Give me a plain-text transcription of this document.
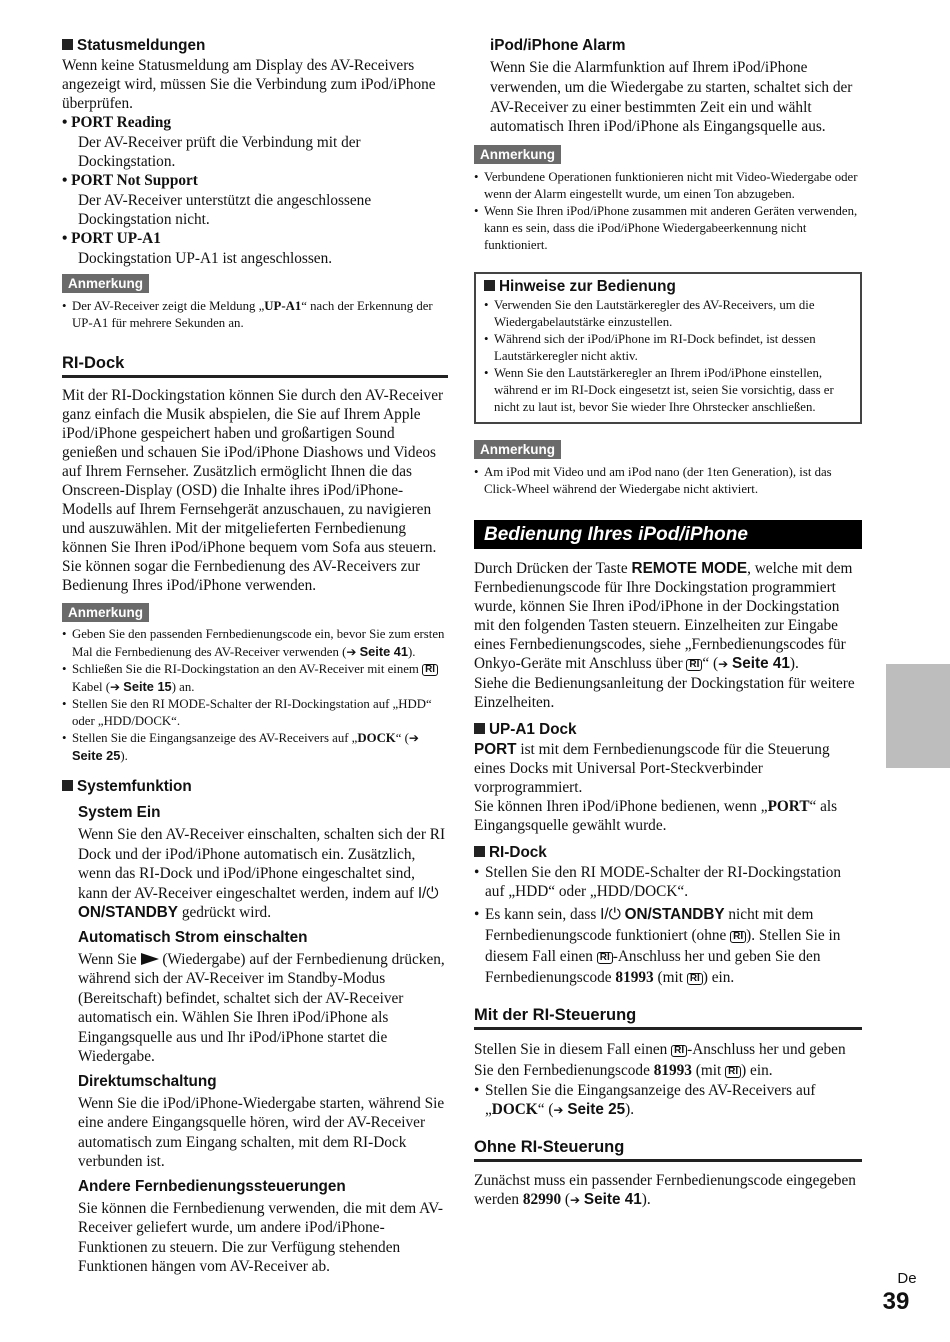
Statusmeldungen

Wenn keine Statusmeldung am Display des AV-Receivers angezeigt wird, müssen Sie die Verbindung zum iPod/iPhone überprüfen.

• PORT Reading

Der AV-Receiver prüft die Verbindung mit der Dockingstation.

• PORT Not Support

Der AV-Receiver unterstützt die angeschlossene Dockingstation nicht.

• PORT UP-A1

Dockingstation UP-A1 ist angeschlossen.

Anmerkung
• Der AV-Receiver zeigt die Meldung „UP-A1“ nach der Erkennung der UP-A1 für mehrere Sekunden an.
RI-Dock

Mit der RI-Dockingstation können Sie durch den AV-Receiver ganz einfach die Musik abspielen, die Sie auf Ihrem Apple iPod/iPhone gespeichert haben und großartigen Sound genießen und schauen Sie iPod/iPhone Diashows und Videos auf Ihrem Fernseher. Zusätzlich ermöglicht Ihnen die das Onscreen-Display (OSD) die Inhalte ihres iPod/iPhone-Modells auf Ihrem Fernsehgerät anzuschauen, zu navigieren und auszuwählen. Mit der mitgelieferten Fernbedienung können Sie Ihren iPod/iPhone bequem vom Sofa aus steuern. Sie können sogar die Fernbedienung des AV-Receivers zur Bedienung Ihres iPod/iPhone verwenden.

Anmerkung
• Geben Sie den passenden Fernbedienungscode ein, bevor Sie zum ersten Mal die Fernbedienung des AV-Receiver verwenden (➔ Seite 41).
• Schließen Sie die RI-Dockingstation an den AV-Receiver mit einem RI Kabel (➔ Seite 15) an.
• Stellen Sie den RI MODE-Schalter der RI-Dockingstation auf „HDD“ oder „HDD/DOCK“.
• Stellen Sie die Eingangsanzeige des AV-Receivers auf „DOCK“ (➔ Seite 25).
Systemfunktion
System Ein

Wenn Sie den AV-Receiver einschalten, schalten sich der RI Dock und der iPod/iPhone automatisch ein. Zusätzlich, wenn das RI-Dock und iPod/iPhone eingeschaltet sind, kann der AV-Receiver eingeschaltet werden, indem auf I/⏻ ON/STANDBY gedrückt wird.

Automatisch Strom einschalten

Wenn Sie  (Wiedergabe) auf der Fernbedienung drücken, während sich der AV-Receiver im Standby-Modus (Bereitschaft) befindet, schaltet sich der AV-Receiver automatisch ein. Wählen Sie Ihren iPod/iPhone als Eingangsquelle aus und Ihr iPod/iPhone startet die Wiedergabe.

Direktumschaltung

Wenn Sie die iPod/iPhone-Wiedergabe starten, während Sie eine andere Eingangsquelle hören, wird der AV-Receiver automatisch zum Eingang schalten, mit dem RI-Dock verbunden ist.

Andere Fernbedienungssteuerungen

Sie können die Fernbedienung verwenden, die mit dem AV-Receiver geliefert wurde, um andere iPod/iPhone-Funktionen zu steuern. Die zur Verfügung stehenden Funktionen hängen vom AV-Receiver ab.

iPod/iPhone Alarm

Wenn Sie die Alarmfunktion auf Ihrem iPod/iPhone verwenden, um die Wiedergabe zu starten, schaltet sich der AV-Receiver zu einer bestimmten Zeit ein und wählt automatisch Ihren iPod/iPhone als Eingangsquelle aus.

Anmerkung
• Verbundene Operationen funktionieren nicht mit Video-Wiedergabe oder wenn der Alarm eingestellt wurde, um einen Ton abzugeben.
• Wenn Sie Ihren iPod/iPhone zusammen mit anderen Geräten verwenden, kann es sein, dass die iPod/iPhone Wiedergabeerkennung nicht funktioniert.
Hinweise zur Bedienung
• Verwenden Sie den Lautstärkeregler des AV-Receivers, um die Wiedergabelautstärke einzustellen.
• Während sich der iPod/iPhone im RI-Dock befindet, ist dessen Lautstärkeregler nicht aktiv.
• Wenn Sie den Lautstärkeregler an Ihrem iPod/iPhone einstellen, während er im RI-Dock eingesetzt ist, seien Sie vorsichtig, dass er nicht zu laut ist, bevor Sie wieder Ihre Ohrstecker anschließen.
Anmerkung
• Am iPod mit Video und am iPod nano (der 1ten Generation), ist das Click-Wheel während der Wiedergabe nicht aktiviert.
Bedienung Ihres iPod/iPhone

Durch Drücken der Taste REMOTE MODE, welche mit dem Fernbedienungscode für Ihre Dockingstation programmiert wurde, können Sie Ihren iPod/iPhone in der Dockingstation mit den folgenden Tasten steuern. Einzelheiten zur Eingabe eines Fernbedienungscodes, siehe „Fernbedienungscodes für Onkyo-Geräte mit Anschluss über RI “ (➔ Seite 41).

Siehe die Bedienungsanleitung der Dockingstation für weitere Einzelheiten.

UP-A1 Dock

PORT ist mit dem Fernbedienungscode für die Steuerung eines Docks mit Universal Port-Steckverbinder vorprogrammiert.

Sie können Ihren iPod/iPhone bedienen, wenn „PORT“ als Eingangsquelle gewählt wurde.

RI-Dock
• Stellen Sie den RI MODE-Schalter der RI-Dockingstation auf „HDD“ oder „HDD/DOCK“.
• Es kann sein, dass I/⏻ ON/STANDBY nicht mit dem Fernbedienungscode funktioniert (ohne RI ). Stellen Sie in diesem Fall einen RI -Anschluss her und geben Sie den Fernbedienungscode 81993 (mit RI ) ein.
Mit der RI-Steuerung

Stellen Sie in diesem Fall einen RI -Anschluss her und geben Sie den Fernbedienungscode 81993 (mit RI ) ein.

• Stellen Sie die Eingangsanzeige des AV-Receivers auf „DOCK“ (➔ Seite 25).
Ohne RI-Steuerung

Zunächst muss ein passender Fernbedienungscode eingegeben werden 82990 (➔ Seite 41).

De
39
